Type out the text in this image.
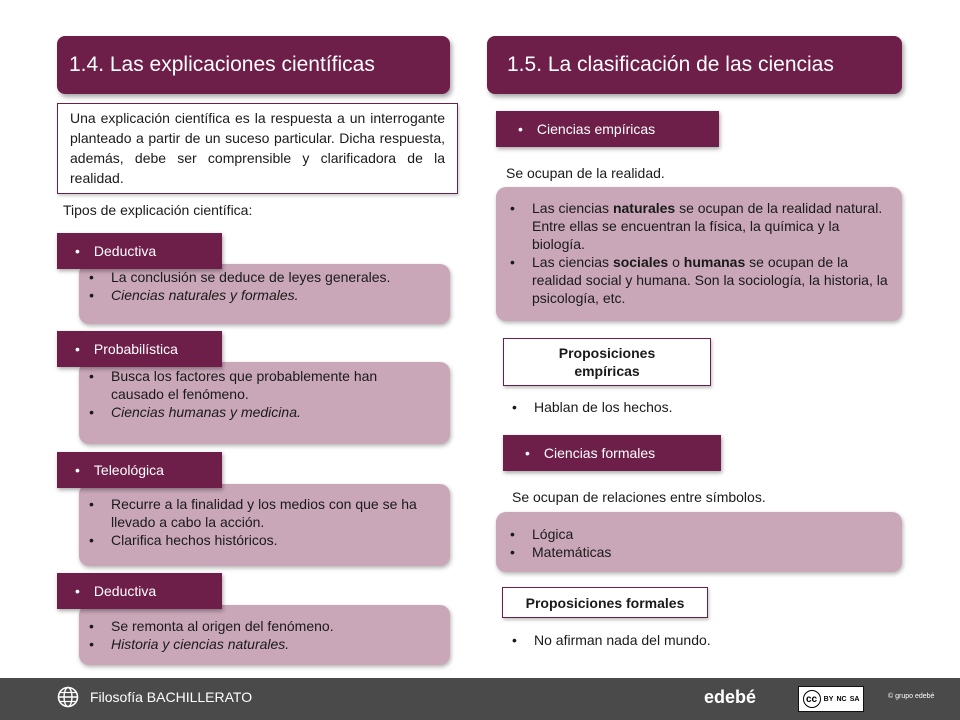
1.4. Las explicaciones científicas
Una explicación científica es la respuesta a un interrogante planteado a partir de un suceso particular. Dicha respuesta, además, debe ser comprensible y clarificadora de la realidad.
Tipos de explicación científica:
• La conclusión se deduce de leyes generales.
• Ciencias naturales y formales.
• Deductiva
• Busca los factores que probablemente han causado el fenómeno.
• Ciencias humanas y medicina.
• Probabilística
• Recurre a la finalidad y los medios con que se ha llevado a cabo la acción.
• Clarifica hechos históricos.
• Teleológica
• Se remonta al origen del fenómeno.
• Historia y ciencias naturales.
• Deductiva
1.5. La clasificación de las ciencias
• Ciencias empíricas
Se ocupan de la realidad.
• Las ciencias naturales se ocupan de la realidad natural. Entre ellas se encuentran la física, la química y la biología.
• Las ciencias sociales o humanas se ocupan de la realidad social y humana. Son la sociología, la historia, la psicología, etc.
Proposiciones empíricas
• Hablan de los hechos.
• Ciencias formales
Se ocupan de relaciones entre símbolos.
• Lógica
• Matemáticas
Proposiciones formales
• No afirman nada del mundo.
Filosofía BACHILLERATO	edebé	cc BY NC SA	© grupo edebé
